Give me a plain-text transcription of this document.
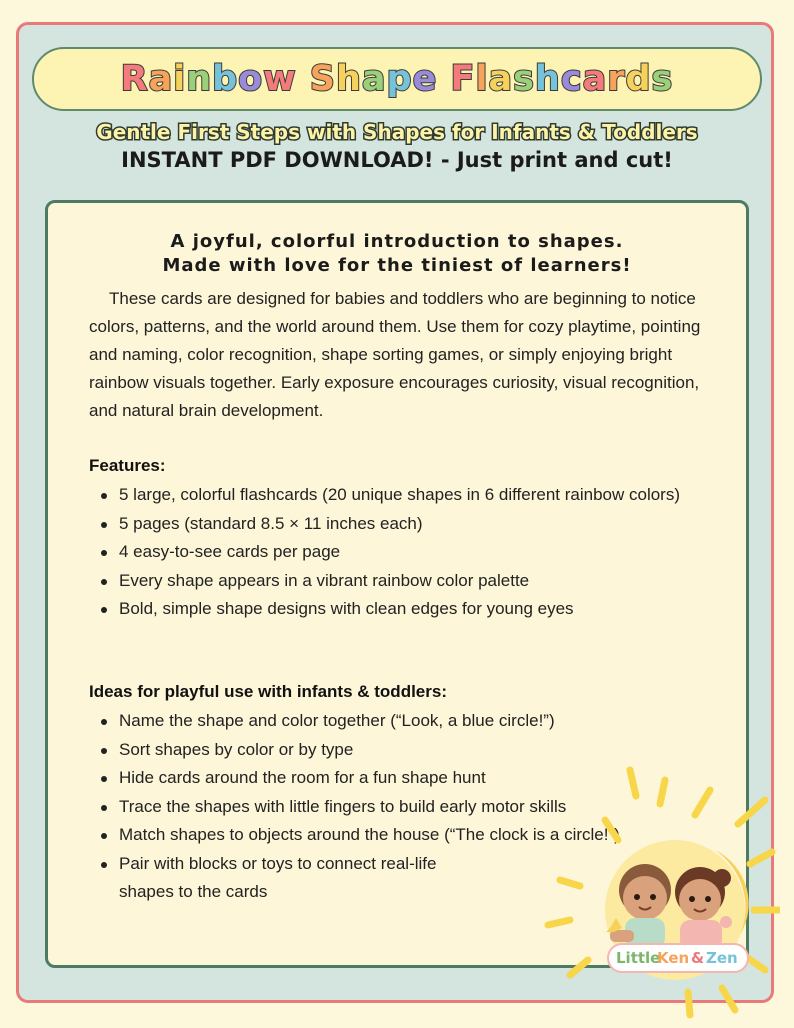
Rainbow Shape Flashcards
Gentle First Steps with Shapes for Infants & Toddlers
INSTANT PDF DOWNLOAD! - Just print and cut!
A joyful, colorful introduction to shapes.
Made with love for the tiniest of learners!

These cards are designed for babies and toddlers who are beginning to notice colors, patterns, and the world around them. Use them for cozy playtime, pointing and naming, color recognition, shape sorting games, or simply enjoying bright rainbow visuals together. Early exposure encourages curiosity, visual recognition, and natural brain development.

Features:
5 large, colorful flashcards (20 unique shapes in 6 different rainbow colors)
5 pages (standard 8.5 × 11 inches each)
4 easy-to-see cards per page
Every shape appears in a vibrant rainbow color palette
Bold, simple shape designs with clean edges for young eyes
Ideas for playful use with infants & toddlers:
Name the shape and color together (“Look, a blue circle!”)
Sort shapes by color or by type
Hide cards around the room for a fun shape hunt
Trace the shapes with little fingers to build early motor skills
Match shapes to objects around the house (“The clock is a circle!”)
Pair with blocks or toys to connect real-life shapes to the cards
Little
Ken & Zen
